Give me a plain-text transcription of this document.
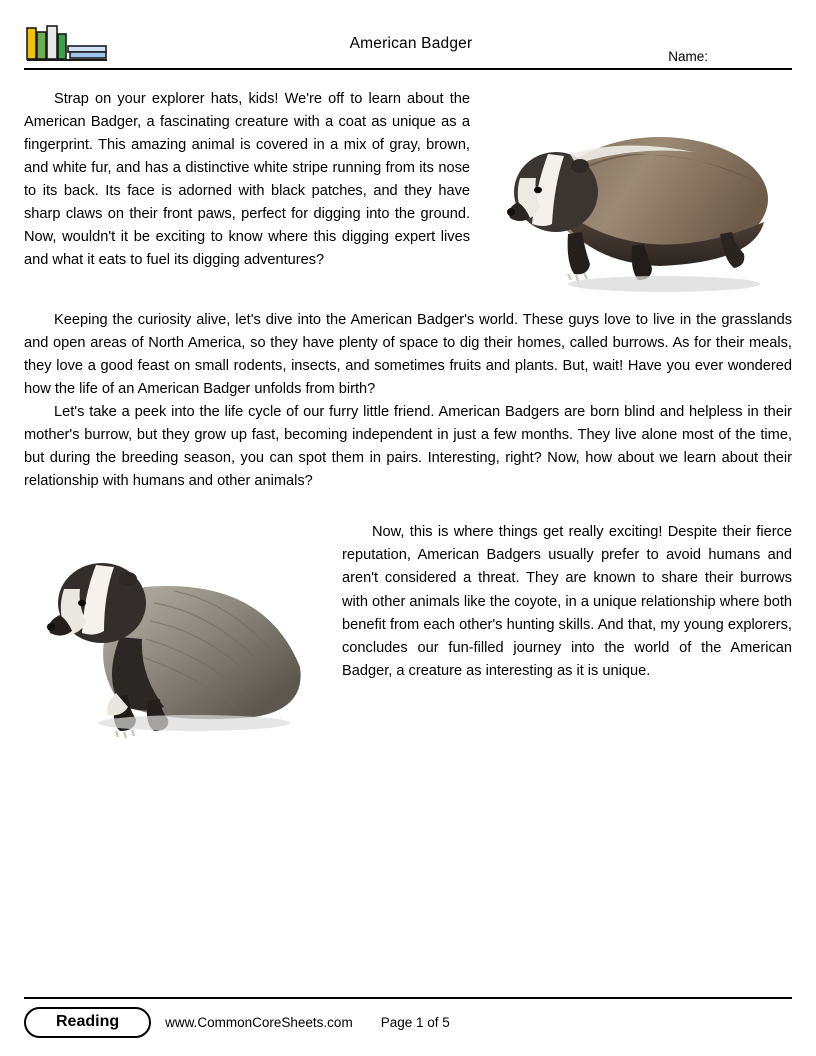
American Badger
Name:

Strap on your explorer hats, kids! We're off to learn about the American Badger, a fascinating creature with a coat as unique as a fingerprint. This amazing animal is covered in a mix of gray, brown, and white fur, and has a distinctive white stripe running from its nose to its back. Its face is adorned with black patches, and they have sharp claws on their front paws, perfect for digging into the ground. Now, wouldn't it be exciting to know where this digging expert lives and what it eats to fuel its digging adventures?

Keeping the curiosity alive, let's dive into the American Badger's world. These guys love to live in the grasslands and open areas of North America, so they have plenty of space to dig their homes, called burrows. As for their meals, they love a good feast on small rodents, insects, and sometimes fruits and plants. But, wait! Have you ever wondered how the life of an American Badger unfolds from birth?

Let's take a peek into the life cycle of our furry little friend. American Badgers are born blind and helpless in their mother's burrow, but they grow up fast, becoming independent in just a few months. They live alone most of the time, but during the breeding season, you can spot them in pairs. Interesting, right? Now, how about we learn about their relationship with humans and other animals?

Now, this is where things get really exciting! Despite their fierce reputation, American Badgers usually prefer to avoid humans and aren't considered a threat. They are known to share their burrows with other animals like the coyote, in a unique relationship where both benefit from each other's hunting skills. And that, my young explorers, concludes our fun-filled journey into the world of the American Badger, a creature as interesting as it is unique.

Reading	www.CommonCoreSheets.com Page 1 of 5
